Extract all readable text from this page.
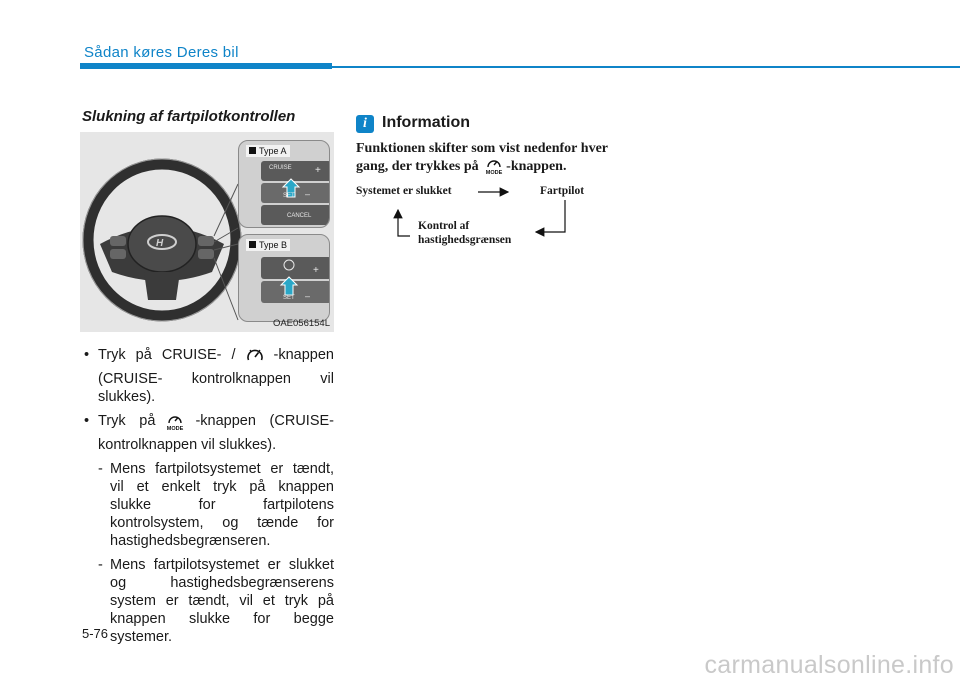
Sådan køres Deres bil
Slukning af fartpilotkontrollen
H
Type A
CRUISE +
SET –
CANCEL
Type B
+
SET –
OAE056154L
• Tryk på CRUISE- /	-knappen (CRUISE- kontrolknappen vil slukkes).
• Tryk på MODE -knappen (CRUISE-kontrolknappen vil slukkes).
- Mens fartpilotsystemet er tændt, vil et enkelt tryk på knappen slukke for fartpilotens kontrolsystem, og tænde for hastighedsbegrænseren.
- Mens fartpilotsystemet er slukket og hastighedsbegrænserens system er tændt, vil et tryk på knappen slukke for begge systemer.
i Information
Funktionen skifter som vist nedenfor hver gang, der trykkes på MODE -knappen.
Systemet er slukket	Fartpilot
Kontrol af
hastighedsgrænsen
5-76
carmanualsonline.info
